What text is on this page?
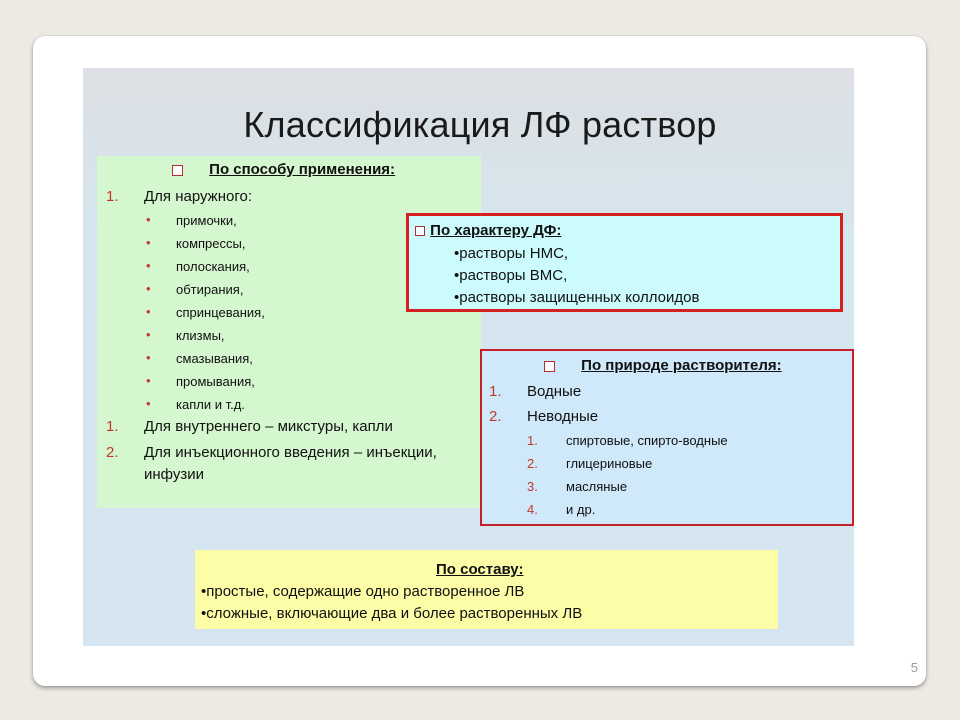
Классификация ЛФ раствор
По способу применения:
1. Для наружного:
• примочки,
• компрессы,
• полоскания,
• обтирания,
• спринцевания,
• клизмы,
• смазывания,
• промывания,
• капли и т.д.
1. Для внутреннего – микстуры, капли
2. Для инъекционного введения – инъекции,
инфузии
По характеру ДФ:
•растворы НМС,
•растворы ВМС,
•растворы защищенных коллоидов
По природе растворителя:
1. Водные
2. Неводные
1. спиртовые, спирто-водные
2. глицериновые
3. масляные
4. и др.
По составу:
•простые, содержащие одно растворенное ЛВ
•сложные, включающие два и более растворенных ЛВ
5
